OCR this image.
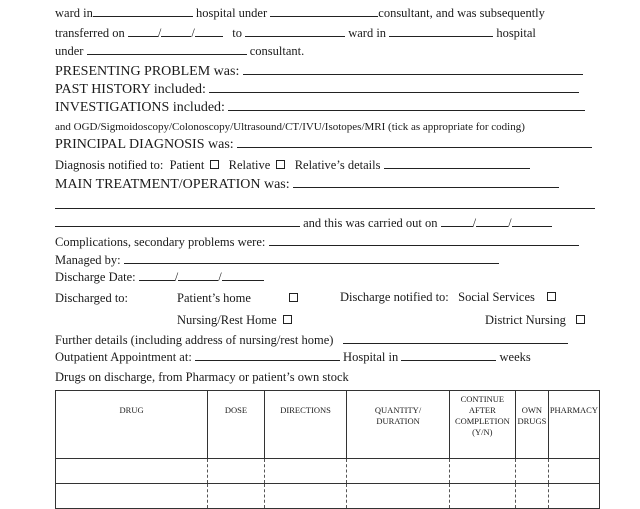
ward in	hospital under	consultant, and was subsequently
transferred on	/ /	to	ward in	hospital
under	consultant.
PRESENTING PROBLEM was:
PAST HISTORY included:
INVESTIGATIONS included:
and OGD/Sigmoidoscopy/Colonoscopy/Ultrasound/CT/IVU/Isotopes/MRI (tick as appropriate for coding)
PRINCIPAL DIAGNOSIS was:
Diagnosis notified to: Patient Relative Relative’s details
MAIN TREATMENT/OPERATION was:
and this was carried out on	/	/
Complications, secondary problems were:
Managed by:
Discharge Date:	/	/
Discharged to:	Patient’s home
Nursing/Rest Home
Discharge notified to: Social Services
District Nursing
Further details (including address of nursing/rest home)
Outpatient Appointment at:	Hospital in	weeks
Drugs on discharge, from Pharmacy or patient’s own stock
DRUG	DOSE	DIRECTIONS	QUANTITY/ DURATION	CONTINUE AFTER COMPLETION (Y/N)	OWN DRUGS	PHARMACY
